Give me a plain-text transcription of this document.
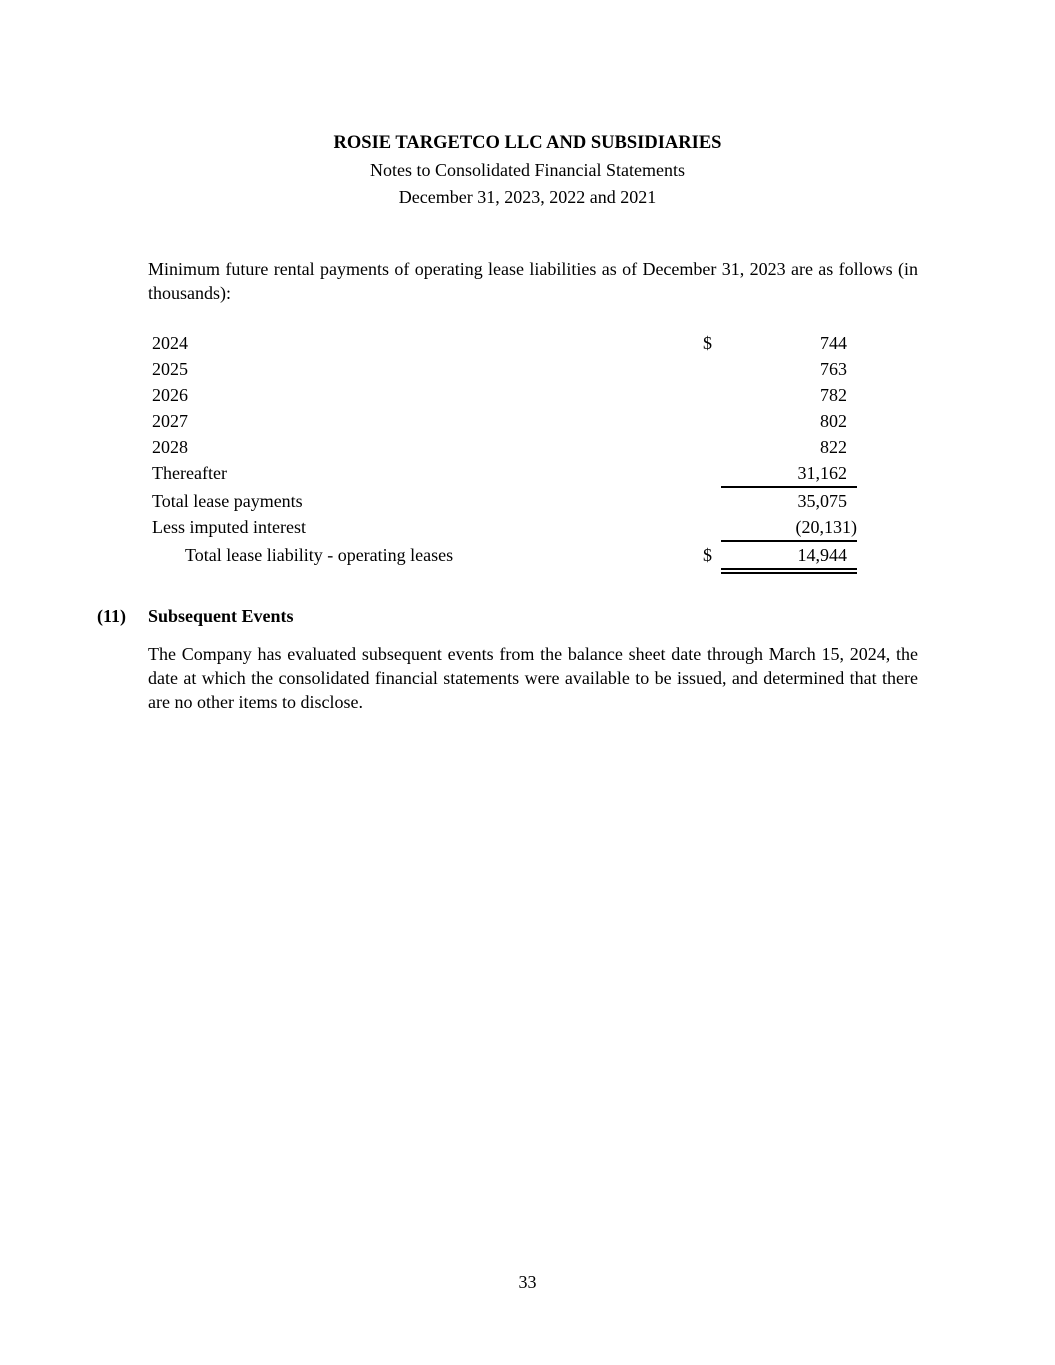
ROSIE TARGETCO LLC AND SUBSIDIARIES
Notes to Consolidated Financial Statements
December 31, 2023, 2022 and 2021

Minimum future rental payments of operating lease liabilities as of December 31, 2023 are as follows (in thousands):

2024	$	744
2025		763
2026		782
2027		802
2028		822
Thereafter		31,162
Total lease payments		35,075
Less imputed interest		(20,131)
Total lease liability - operating leases	$	14,944
(11)	Subsequent Events

The Company has evaluated subsequent events from the balance sheet date through March 15, 2024, the date at which the consolidated financial statements were available to be issued, and determined that there are no other items to disclose.

33
